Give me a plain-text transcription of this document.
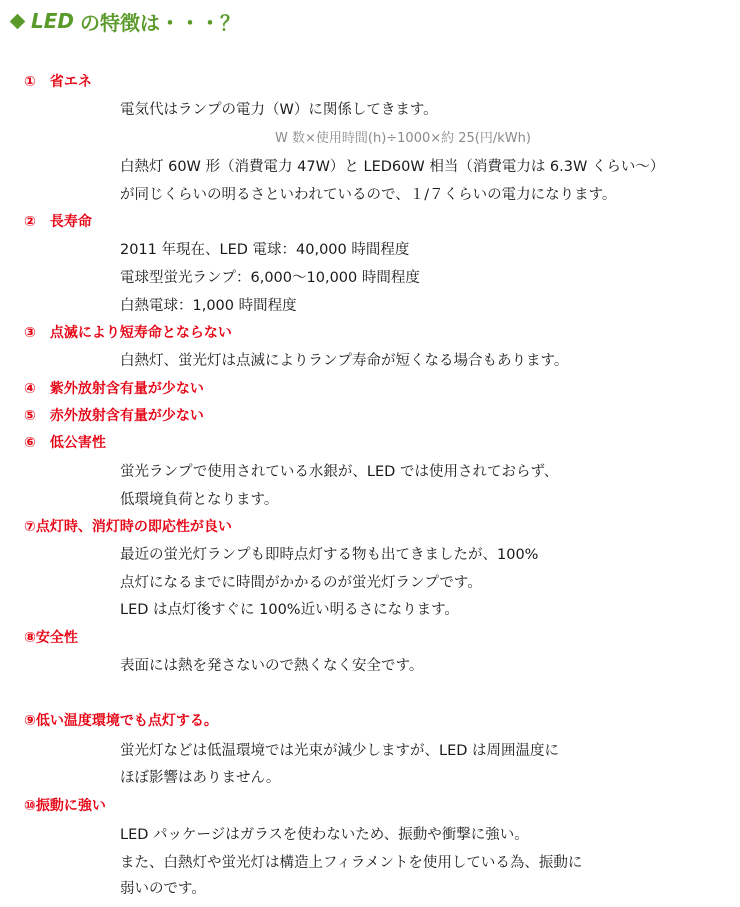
LED の特徴は・・・？
①　省エネ
電気代はランプの電力（W）に関係してきます。
W 数×使用時間(h)÷1000×約 25(円/kWh)
白熱灯 60W 形（消費電力 47W）と LED60W 相当（消費電力は 6.3W くらい～）
が同じくらいの明るさといわれているので、１/７くらいの電力になります。
②　長寿命
2011 年現在、LED 電球：40,000 時間程度
電球型蛍光ランプ：6,000～10,000 時間程度
白熱電球：1,000 時間程度
③　点滅により短寿命とならない
白熱灯、蛍光灯は点滅によりランプ寿命が短くなる場合もあります。
④　紫外放射含有量が少ない
⑤　赤外放射含有量が少ない
⑥　低公害性
蛍光ランプで使用されている水銀が、LED では使用されておらず、
低環境負荷となります。
⑦点灯時、消灯時の即応性が良い
最近の蛍光灯ランプも即時点灯する物も出てきましたが、100%
点灯になるまでに時間がかかるのが蛍光灯ランプです。
LED は点灯後すぐに 100%近い明るさになります。
⑧安全性
表面には熱を発さないので熱くなく安全です。
⑨低い温度環境でも点灯する。
蛍光灯などは低温環境では光束が減少しますが、LED は周囲温度に
ほぼ影響はありません。
⑩振動に強い
LED パッケージはガラスを使わないため、振動や衝撃に強い。
また、白熱灯や蛍光灯は構造上フィラメントを使用している為、振動に
弱いのです。
